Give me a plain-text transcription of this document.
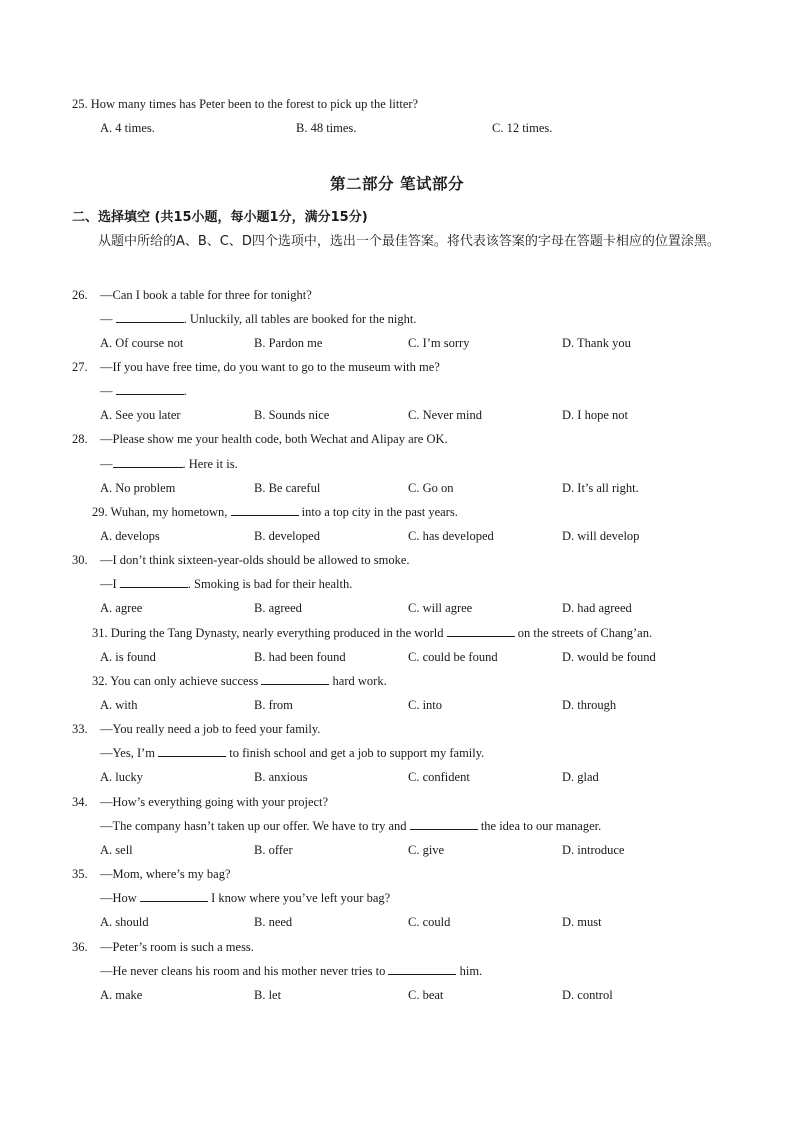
25. How many times has Peter been to the forest to pick up the litter?
A. 4 times.	B. 48 times.	C. 12 times.
第二部分 笔试部分
二、选择填空 (共15小题，每小题1分，满分15分)
从题中所给的A、B、C、D四个选项中，选出一个最佳答案。将代表该答案的字母在答题卡相应的位置涂黑。
26. —Can I book a table for three for tonight?
—	. Unluckily, all tables are booked for the night.
A. Of course not	B. Pardon me	C. I’m sorry	D. Thank you
27. —If you have free time, do you want to go to the museum with me?
—	.
A. See you later	B. Sounds nice	C. Never mind	D. I hope not
28. —Please show me your health code, both Wechat and Alipay are OK.
—	. Here it is.
A. No problem	B. Be careful	C. Go on	D. It’s all right.
29. Wuhan, my hometown,	into a top city in the past years.
A. develops	B. developed	C. has developed	D. will develop
30. —I don’t think sixteen-year-olds should be allowed to smoke.
—I	. Smoking is bad for their health.
A. agree	B. agreed	C. will agree	D. had agreed
31. During the Tang Dynasty, nearly everything produced in the world	on the streets of Chang’an.
A. is found	B. had been found	C. could be found	D. would be found
32. You can only achieve success	hard work.
A. with	B. from	C. into	D. through
33. —You really need a job to feed your family.
—Yes, I’m	to finish school and get a job to support my family.
A. lucky	B. anxious	C. confident	D. glad
34. —How’s everything going with your project?
—The company hasn’t taken up our offer. We have to try and	the idea to our manager.
A. sell	B. offer	C. give	D. introduce
35. —Mom, where’s my bag?
—How	I know where you’ve left your bag?
A. should	B. need	C. could	D. must
36. —Peter’s room is such a mess.
—He never cleans his room and his mother never tries to	him.
A. make	B. let	C. beat	D. control
